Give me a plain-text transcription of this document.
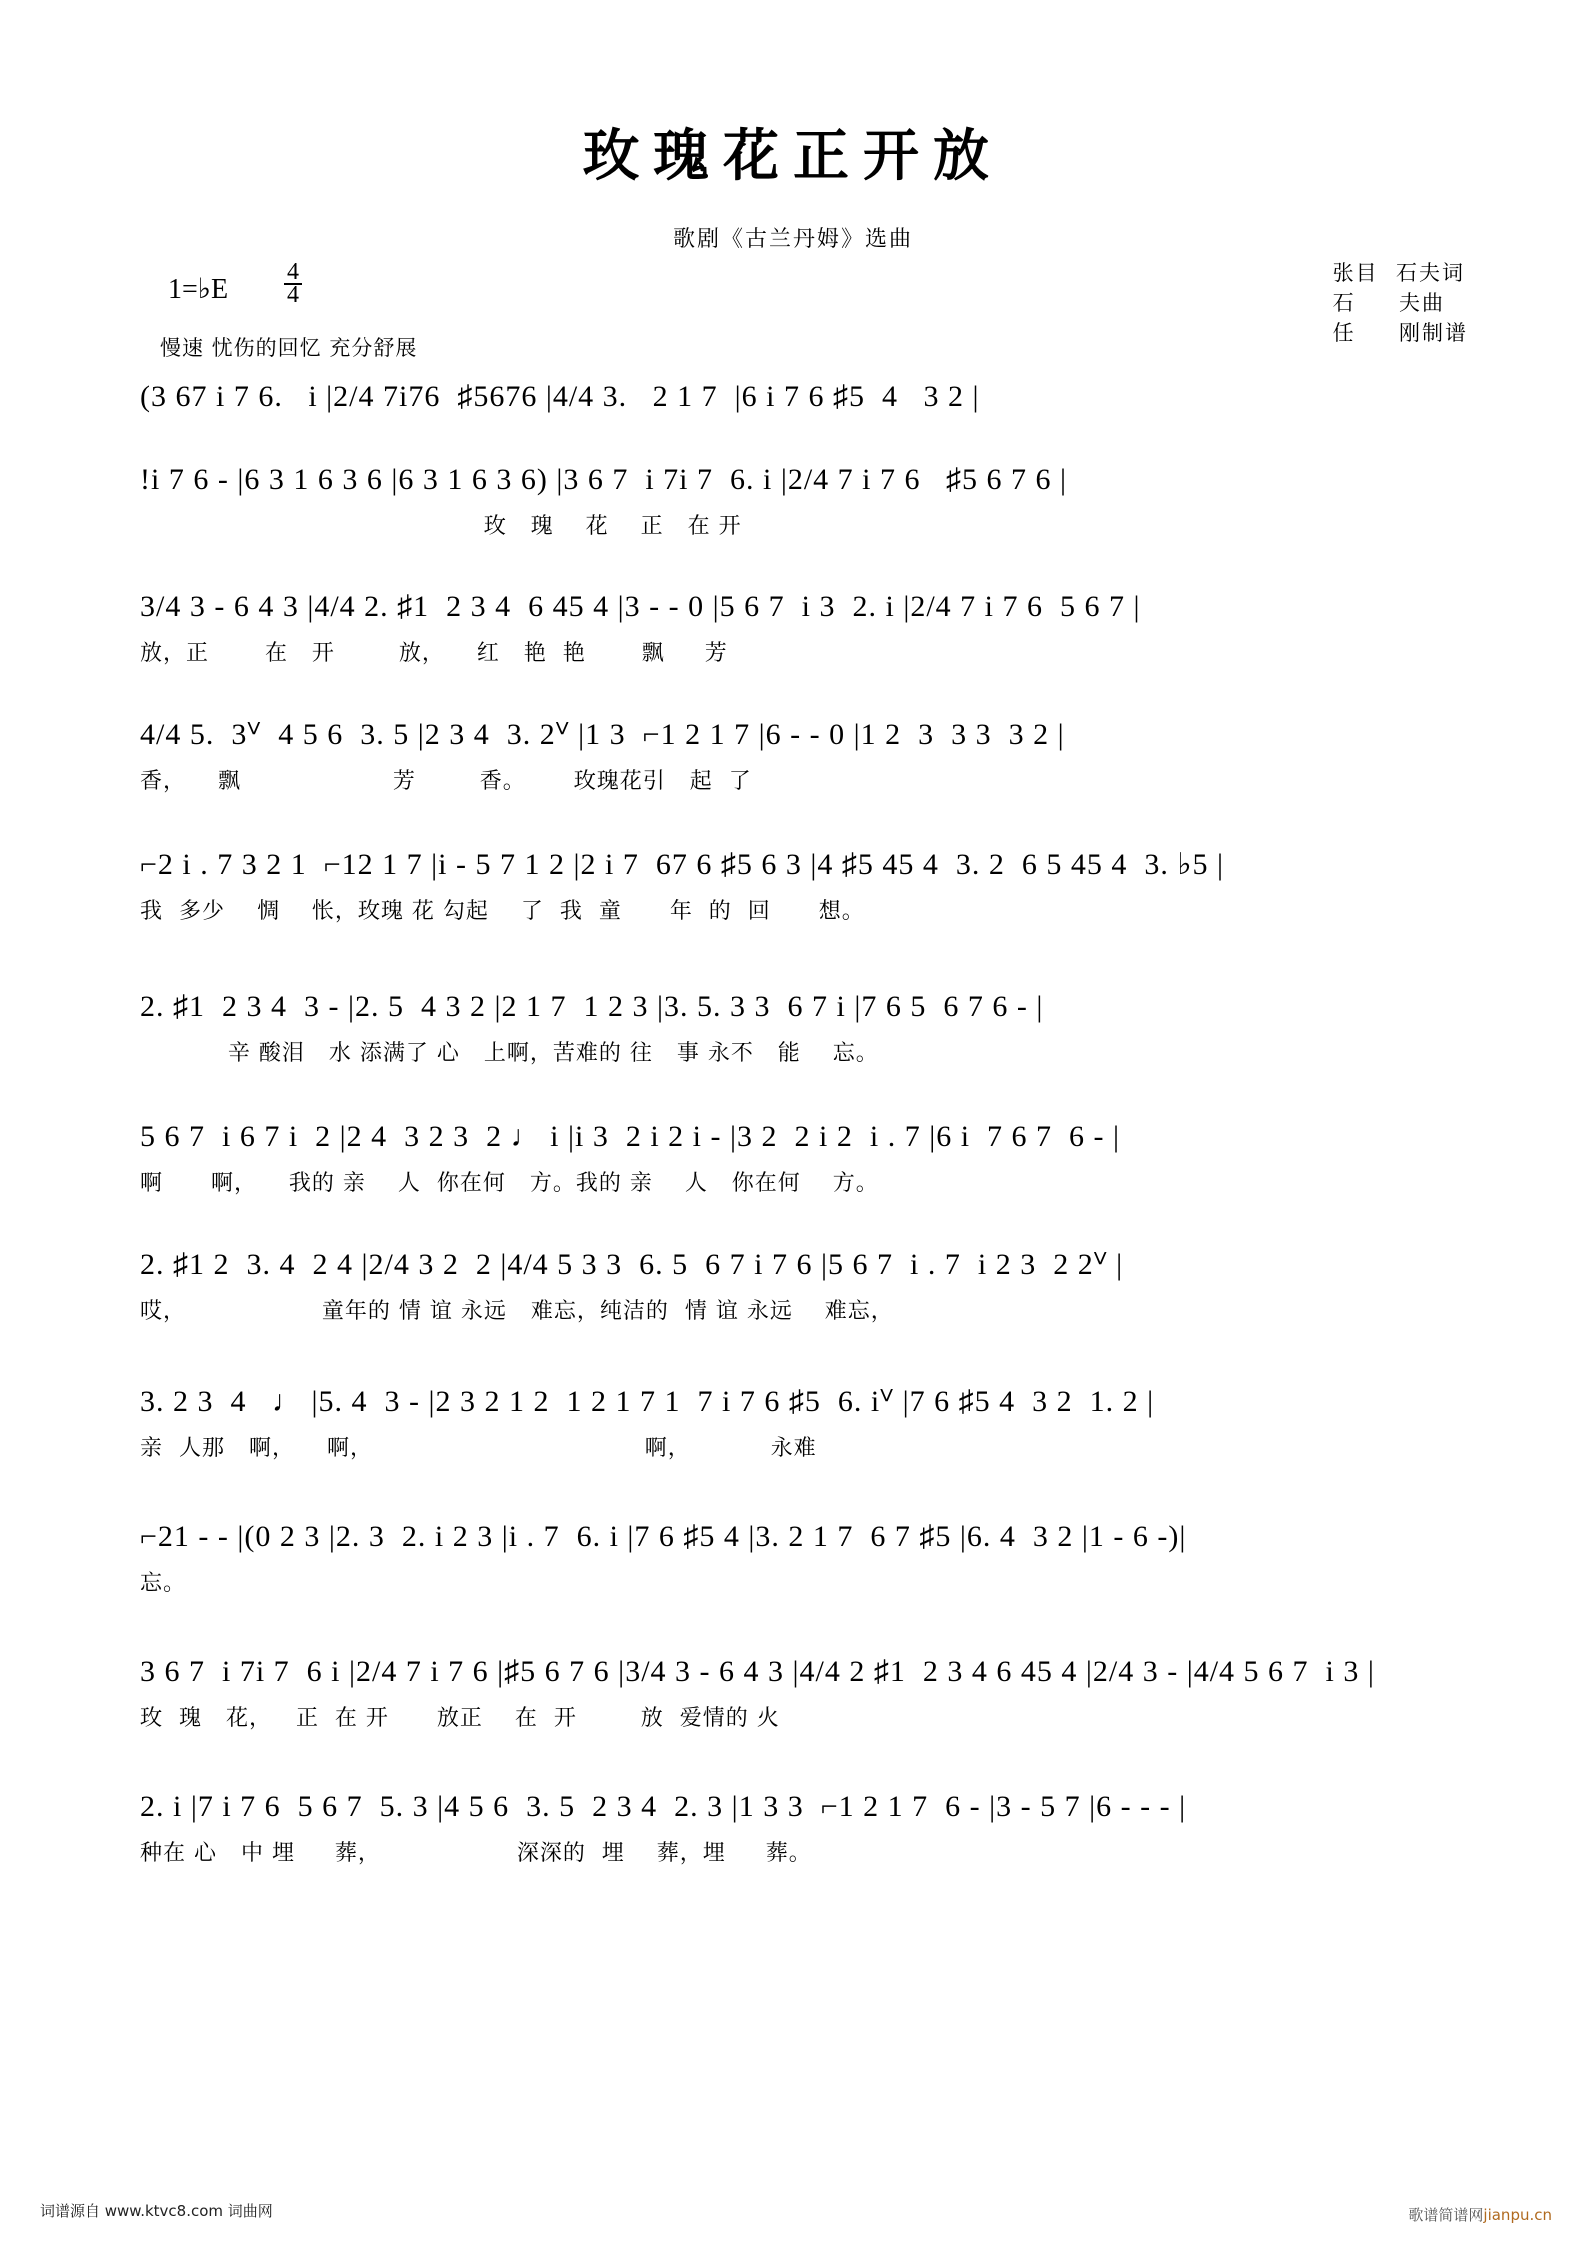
玫瑰花正开放
歌剧《古兰丹姆》选曲
1=♭E $\frac{4}{4}$
慢速 忧伤的回忆 充分舒展
张目  石夫词
石     夫曲
任     刚制谱
(3 67 i 7 6.   i |2/4 7i76  ♯5676 |4/4 3.   2 1 7  |6 i 7 6 ♯5  4   3 2 |
!i 7 6 - |6 3 1 6 3 6 |6 3 1 6 3 6) |3 6 7  i 7i 7  6. i |2/4 7 i 7 6   ♯5 6 7 6 |
玫   瑰    花    正   在 开
3/4 3 - 6 4 3 |4/4 2. ♯1  2 3 4  6 45 4 |3 - - 0 |5 6 7  i 3  2. i |2/4 7 i 7 6  5 6 7 |
放，正       在   开        放，    红   艳  艳       飘     芳
4/4 5.  3ⱽ  4 5 6  3. 5 |2 3 4  3. 2ⱽ |1 3  ⌐1 2 1 7 |6 - - 0 |1 2  3  3 3  3 2 |
香，    飘                   芳        香。      玫瑰花引   起  了
⌐2 i . 7 3 2 1  ⌐12 1 7 |i - 5 7 1 2 |2 i 7  67 6 ♯5 6 3 |4 ♯5 45 4  3. 2  6 5 45 4  3. ♭5 |
我  多少    惆    怅，玫瑰 花 勾起    了  我  童      年  的  回      想。
2. ♯1  2 3 4  3 - |2. 5  4 3 2 |2 1 7  1 2 3 |3. 5. 3 3  6 7 i |7 6 5  6 7 6 - |
辛 酸泪   水 添满了 心   上啊，苦难的 往   事 永不   能    忘。
5 6 7  i 6 7 i  2 |2 4  3 2 3  2 ♩ i |i 3  2 i 2 i - |3 2  2 i 2  i . 7 |6 i  7 6 7  6 - |
啊      啊，    我的 亲    人  你在何   方。我的 亲    人   你在何    方。
2. ♯1 2  3. 4  2 4 |2/4 3 2  2 |4/4 5 3 3  6. 5  6 7 i 7 6 |5 6 7  i . 7  i 2 3  2 2ⱽ |
哎，                 童年的 情 谊 永远   难忘，纯洁的  情 谊 永远    难忘，
3. 2 3  4   ♩ |5. 4  3 - |2 3 2 1 2  1 2 1 7 1  7 i 7 6 ♯5  6. iⱽ |7 6 ♯5 4  3 2  1. 2 |
亲  人那   啊，    啊，                                  啊，          永难
⌐21 - - |(0 2 3 |2. 3  2. i 2 3 |i . 7  6. i |7 6 ♯5 4 |3. 2 1 7  6 7 ♯5 |6. 4  3 2 |1 - 6 -)|
忘。
3 6 7  i 7i 7  6 i |2/4 7 i 7 6 |♯5 6 7 6 |3/4 3 - 6 4 3 |4/4 2 ♯1  2 3 4 6 45 4 |2/4 3 - |4/4 5 6 7  i 3 |
玫  瑰   花，   正  在 开      放正    在  开        放  爱情的 火
2. i |7 i 7 6  5 6 7  5. 3 |4 5 6  3. 5  2 3 4  2. 3 |1 3 3  ⌐1 2 1 7  6 - |3 - 5 7 |6 - - - |
种在 心   中 埋     葬，                 深深的  埋    葬，埋     葬。
词谱源自 www.ktvc8.com 词曲网	歌谱简谱网jianpu.cn
